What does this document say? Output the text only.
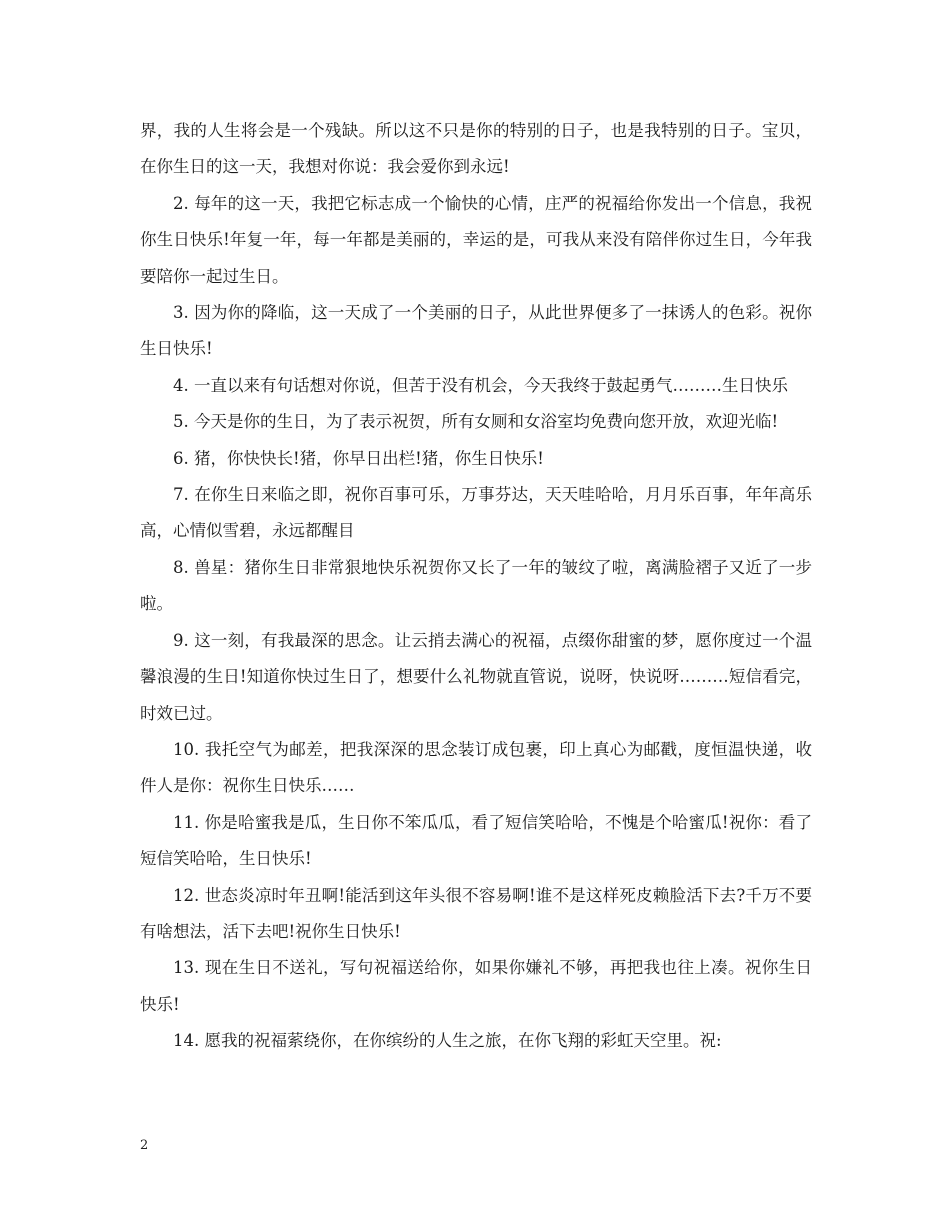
界，我的人生将会是一个残缺。所以这不只是你的特别的日子，也是我特别的日子。宝贝，在你生日的这一天，我想对你说：我会爱你到永远!

2. 每年的这一天，我把它标志成一个愉快的心情，庄严的祝福给你发出一个信息，我祝你生日快乐!年复一年，每一年都是美丽的，幸运的是，可我从来没有陪伴你过生日，今年我要陪你一起过生日。

3. 因为你的降临，这一天成了一个美丽的日子，从此世界便多了一抹诱人的色彩。祝你生日快乐!

4. 一直以来有句话想对你说，但苦于没有机会，今天我终于鼓起勇气………生日快乐

5. 今天是你的生日，为了表示祝贺，所有女厕和女浴室均免费向您开放，欢迎光临!

6. 猪，你快快长!猪，你早日出栏!猪，你生日快乐!

7. 在你生日来临之即，祝你百事可乐，万事芬达，天天哇哈哈，月月乐百事，年年高乐高，心情似雪碧，永远都醒目

8. 兽星：猪你生日非常狠地快乐祝贺你又长了一年的皱纹了啦，离满脸褶子又近了一步啦。

9. 这一刻，有我最深的思念。让云捎去满心的祝福，点缀你甜蜜的梦，愿你度过一个温馨浪漫的生日!知道你快过生日了，想要什么礼物就直管说，说呀，快说呀………短信看完，时效已过。

10. 我托空气为邮差，把我深深的思念装订成包裹，印上真心为邮戳，度恒温快递，收件人是你：祝你生日快乐……

11. 你是哈蜜我是瓜，生日你不笨瓜瓜，看了短信笑哈哈，不愧是个哈蜜瓜!祝你：看了短信笑哈哈，生日快乐!

12. 世态炎凉时年丑啊!能活到这年头很不容易啊!谁不是这样死皮赖脸活下去?千万不要有啥想法，活下去吧!祝你生日快乐!

13. 现在生日不送礼，写句祝福送给你，如果你嫌礼不够，再把我也往上凑。祝你生日快乐!

14. 愿我的祝福萦绕你，在你缤纷的人生之旅，在你飞翔的彩虹天空里。祝:

2
